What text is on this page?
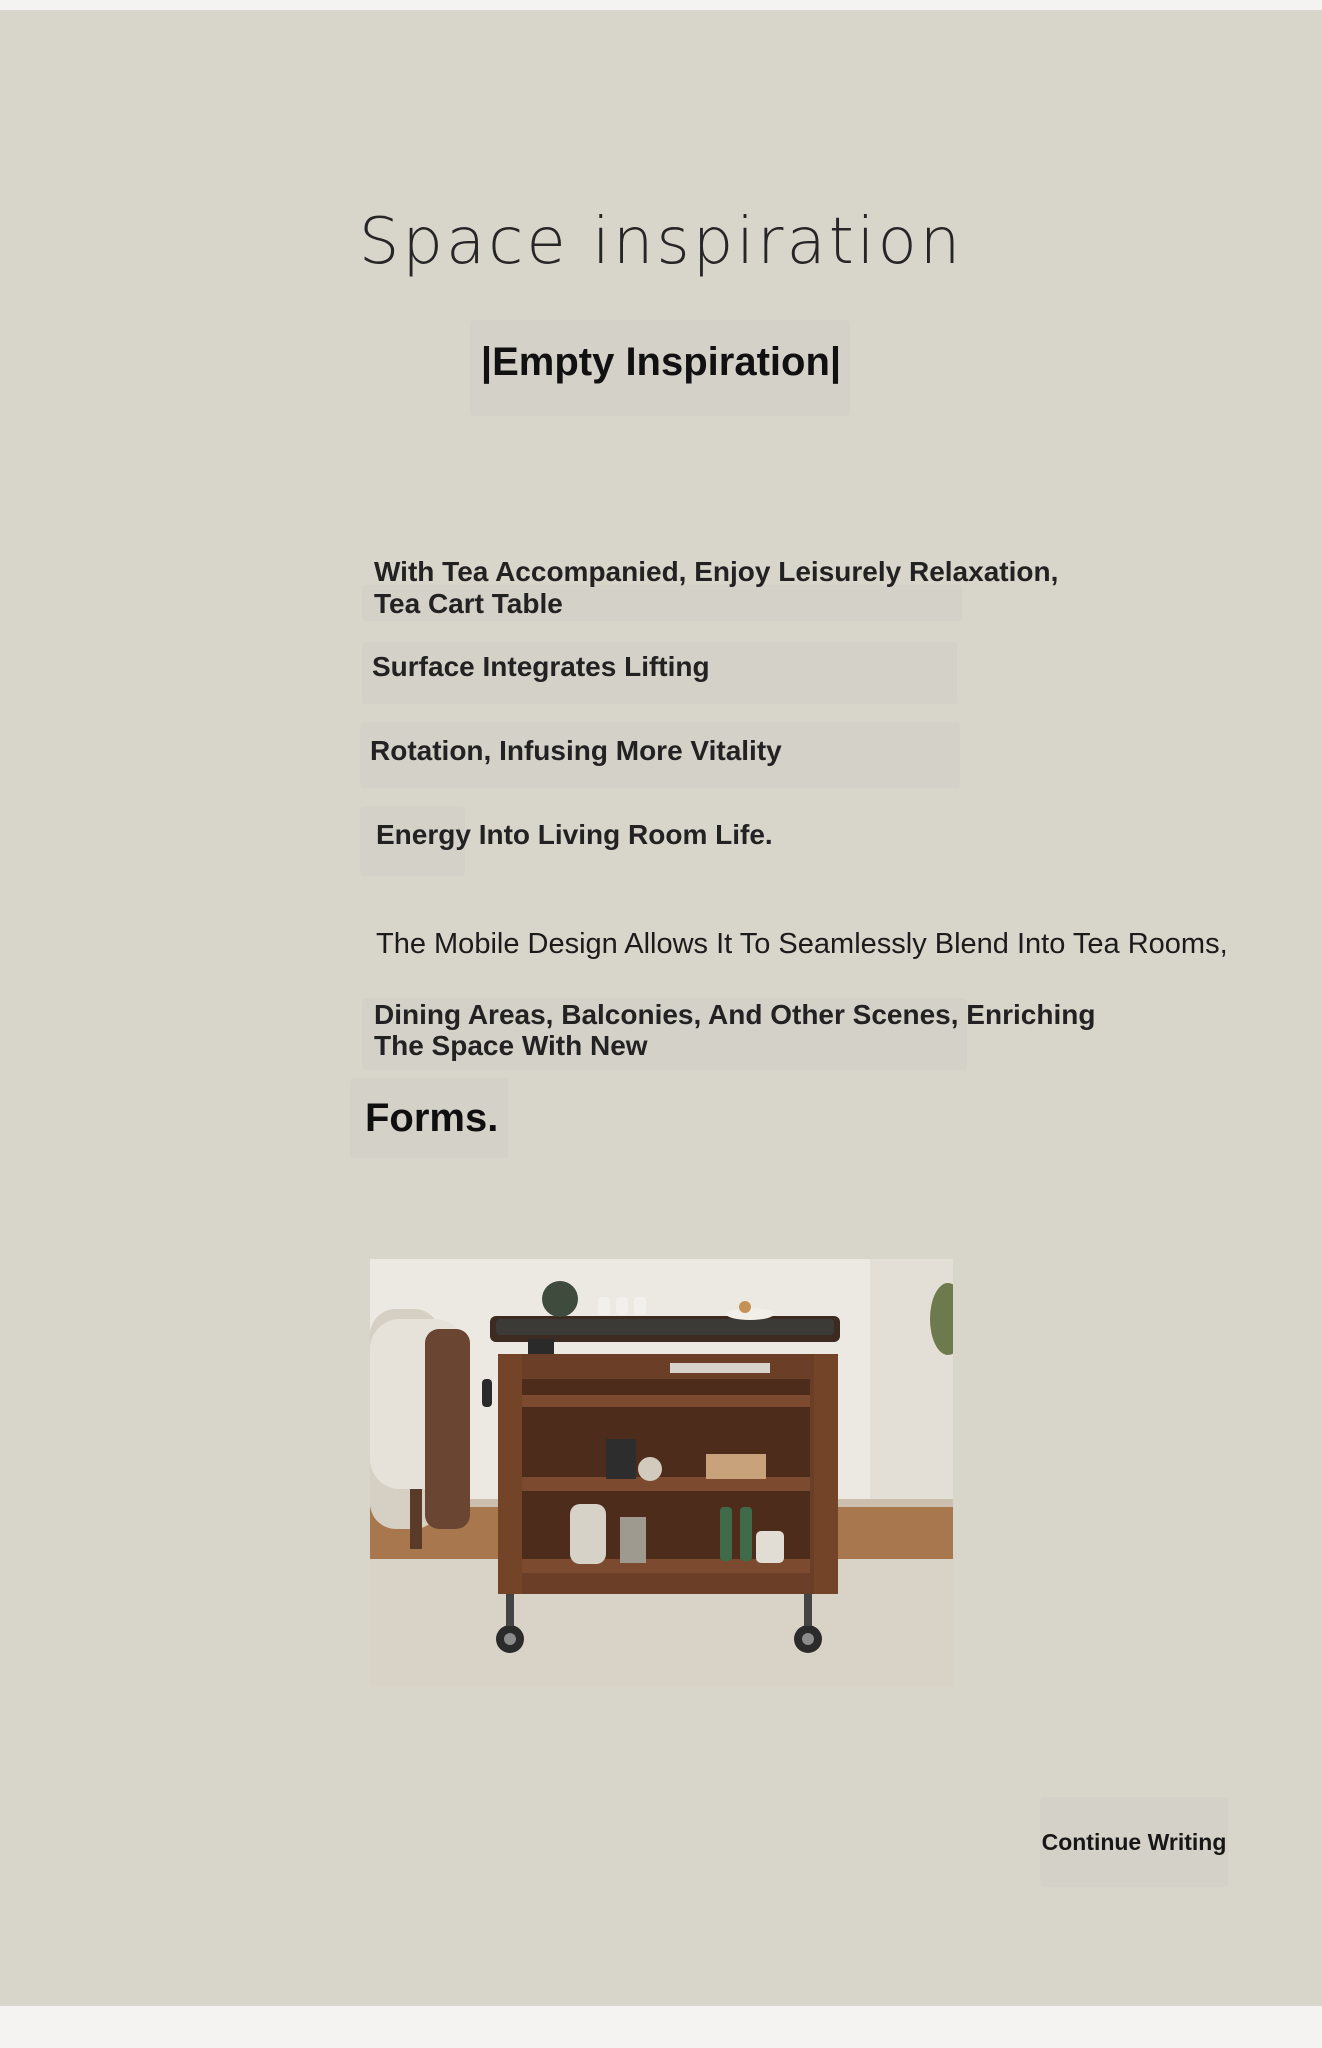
Space inspiration

|Empty Inspiration|

With Tea Accompanied, Enjoy Leisurely Relaxation,

Tea Cart Table

Surface Integrates Lifting

Rotation, Infusing More Vitality

Energy Into Living Room Life.

The Mobile Design Allows It To Seamlessly Blend Into Tea Rooms,

Dining Areas, Balconies, And Other Scenes, Enriching

The Space With New

Forms.

Continue Writing
